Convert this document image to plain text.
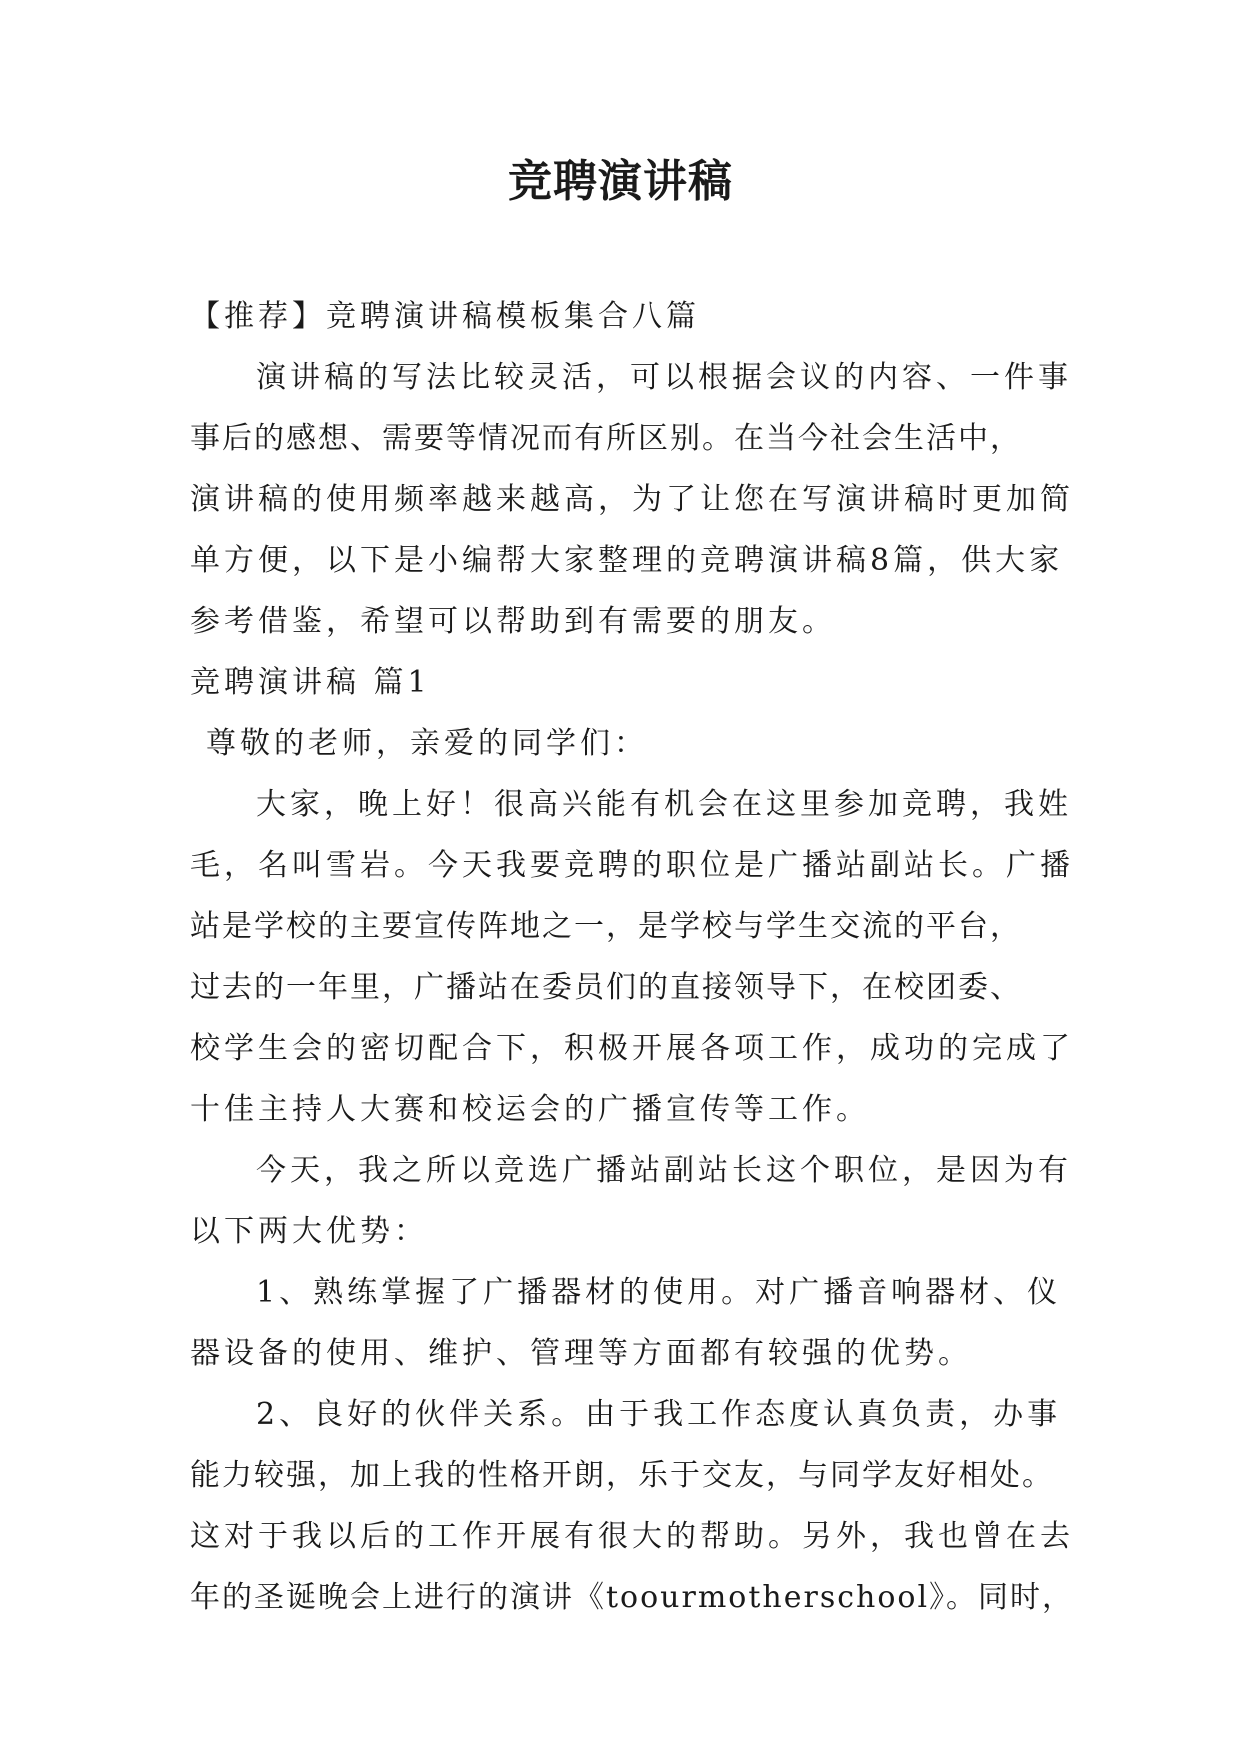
竞聘演讲稿
【推荐】竞聘演讲稿模板集合八篇
演讲稿的写法比较灵活，可以根据会议的内容、一件事
事后的感想、需要等情况而有所区别。在当今社会生活中，
演讲稿的使用频率越来越高，为了让您在写演讲稿时更加简
单方便，以下是小编帮大家整理的竞聘演讲稿8篇，供大家
参考借鉴，希望可以帮助到有需要的朋友。
竞聘演讲稿 篇1
尊敬的老师，亲爱的同学们：
大家，晚上好！很高兴能有机会在这里参加竞聘，我姓
毛，名叫雪岩。今天我要竞聘的职位是广播站副站长。广播
站是学校的主要宣传阵地之一，是学校与学生交流的平台，
过去的一年里，广播站在委员们的直接领导下，在校团委、
校学生会的密切配合下，积极开展各项工作，成功的完成了
十佳主持人大赛和校运会的广播宣传等工作。
今天，我之所以竞选广播站副站长这个职位，是因为有
以下两大优势：
1、熟练掌握了广播器材的使用。对广播音响器材、仪
器设备的使用、维护、管理等方面都有较强的优势。
2、良好的伙伴关系。由于我工作态度认真负责，办事
能力较强，加上我的性格开朗，乐于交友，与同学友好相处。
这对于我以后的工作开展有很大的帮助。另外，我也曾在去
年的圣诞晚会上进行的演讲《toourmotherschool》。同时，
